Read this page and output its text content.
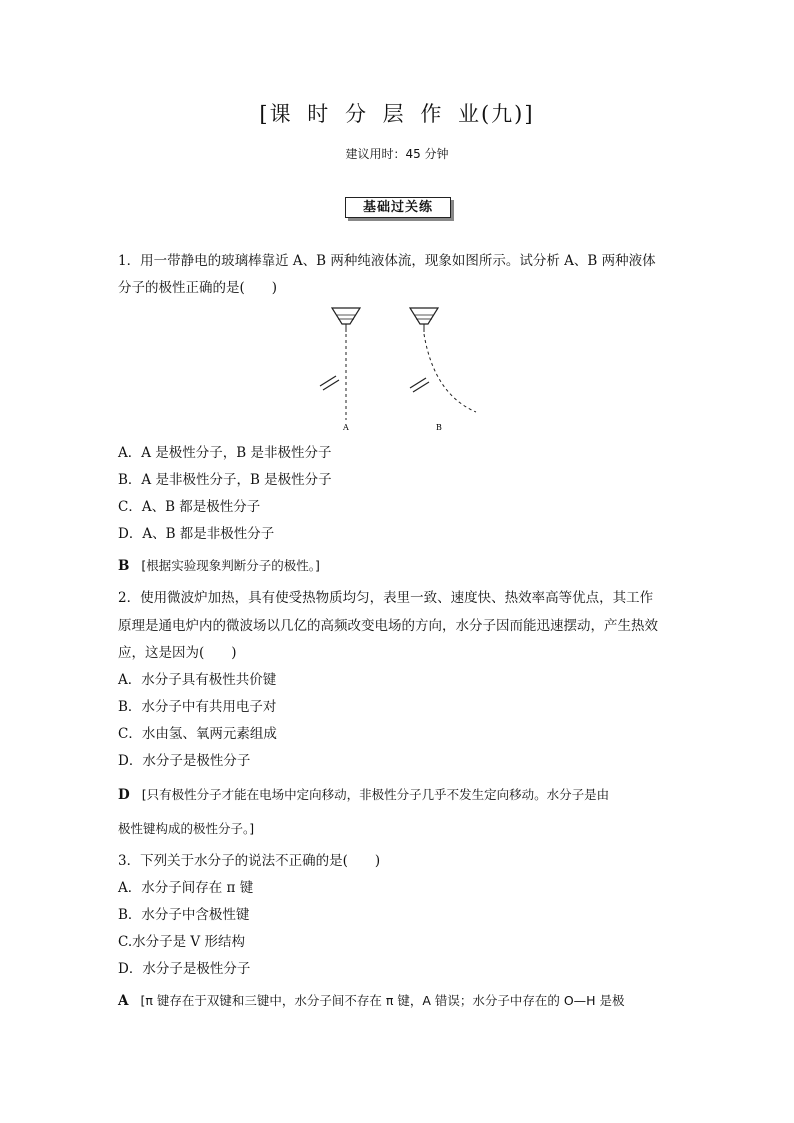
[课 时 分 层 作 业(九)]
建议用时：45 分钟
基础过关练
1．用一带静电的玻璃棒靠近 A、B 两种纯液体流，现象如图所示。试分析 A、B 两种液体
分子的极性正确的是(　　)
A	B
A．A 是极性分子，B 是非极性分子
B．A 是非极性分子，B 是极性分子
C．A、B 都是极性分子
D．A、B 都是非极性分子
B [根据实验现象判断分子的极性。]
2．使用微波炉加热，具有使受热物质均匀，表里一致、速度快、热效率高等优点，其工作
原理是通电炉内的微波场以几亿的高频改变电场的方向，水分子因而能迅速摆动，产生热效
应，这是因为(　　)
A．水分子具有极性共价键
B．水分子中有共用电子对
C．水由氢、氧两元素组成
D．水分子是极性分子
D [只有极性分子才能在电场中定向移动，非极性分子几乎不发生定向移动。水分子是由
极性键构成的极性分子。]
3．下列关于水分子的说法不正确的是(　　)
A．水分子间存在 π 键
B．水分子中含极性键
C.水分子是 V 形结构
D．水分子是极性分子
A [π 键存在于双键和三键中，水分子间不存在 π 键，A 错误；水分子中存在的 O—H 是极
